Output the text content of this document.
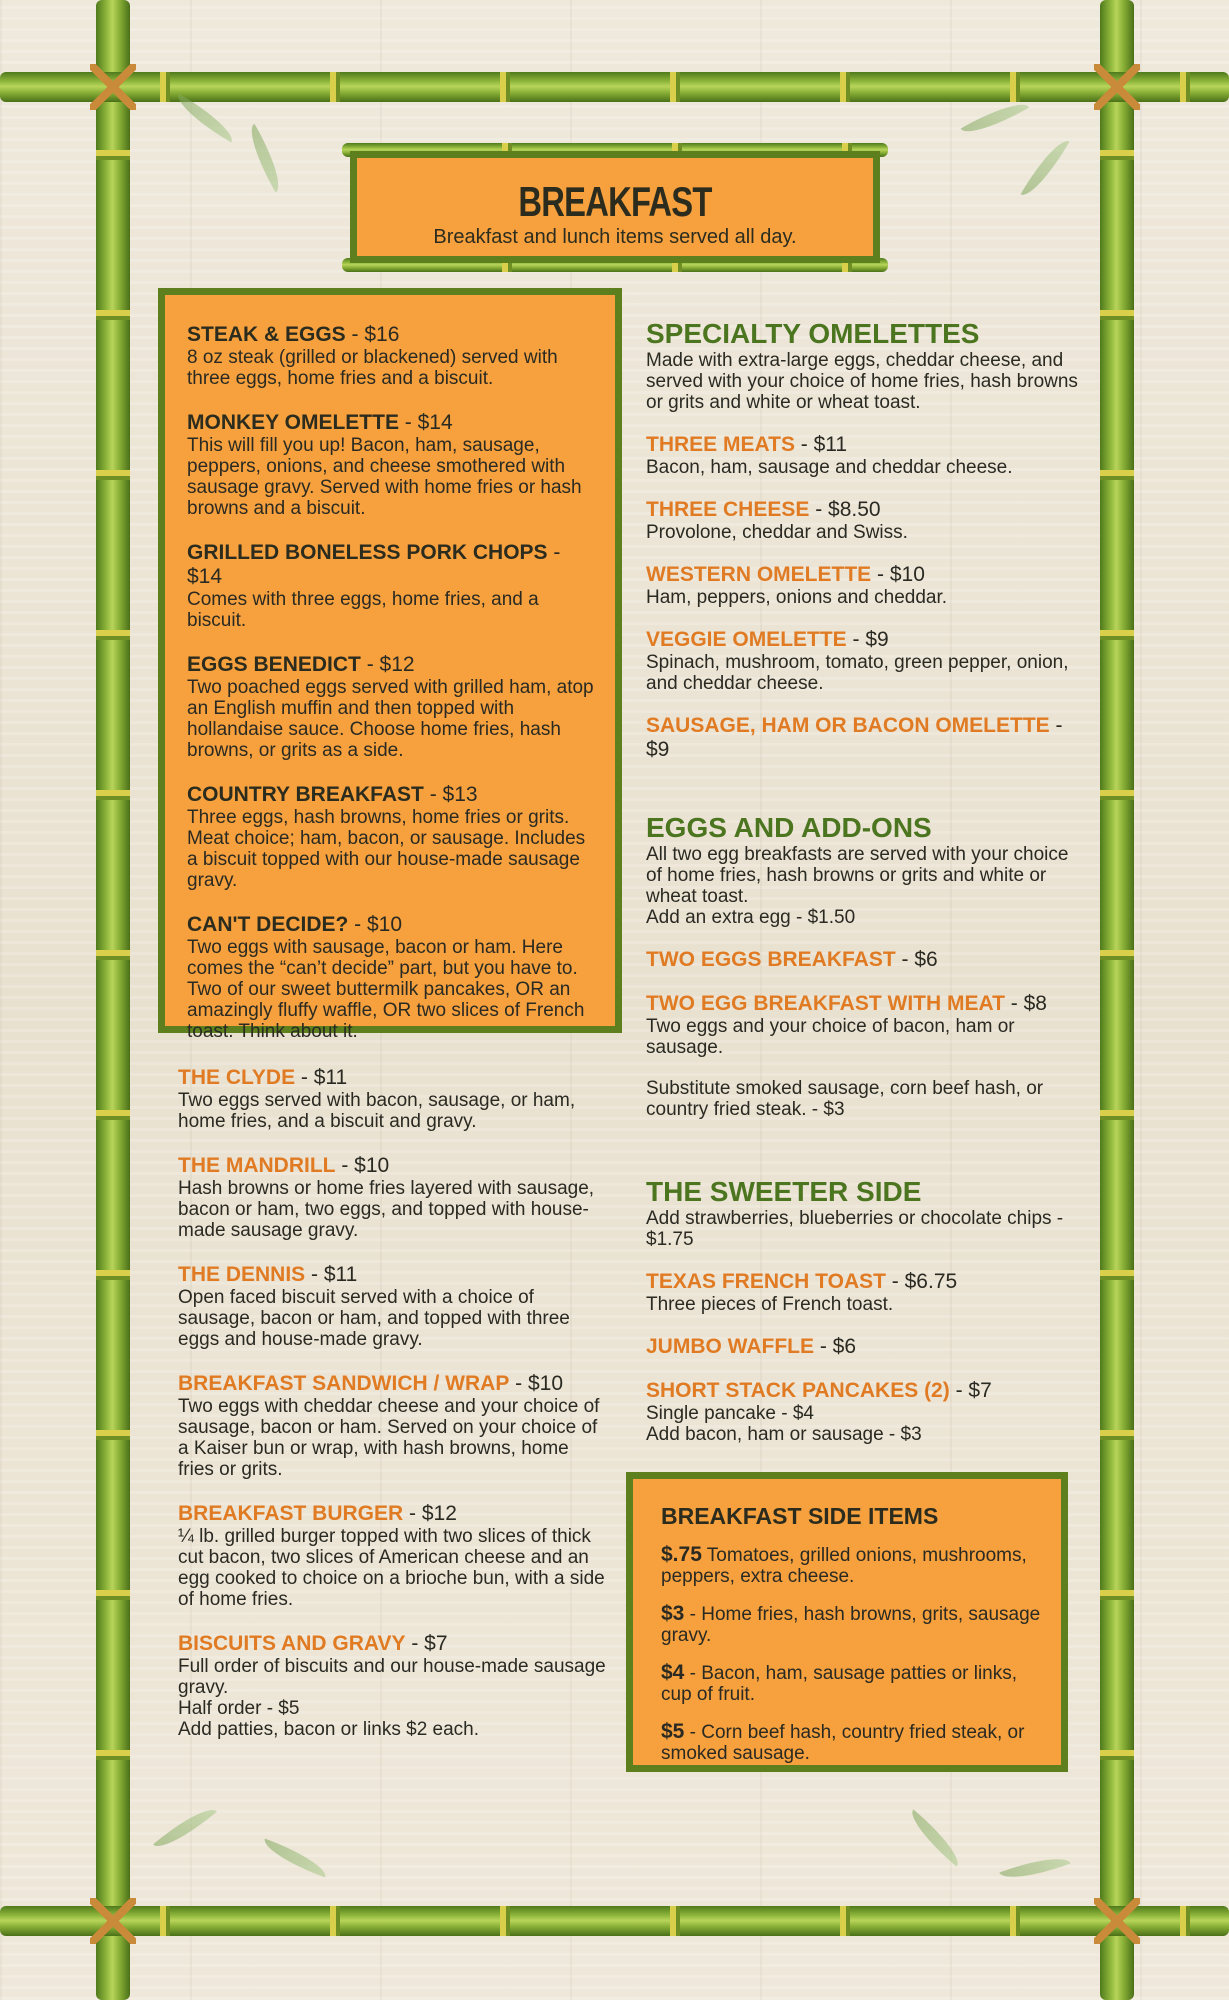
BREAKFAST
Breakfast and lunch items served all day.
STEAK & EGGS - $16
8 oz steak (grilled or blackened) served with three eggs, home fries and a biscuit.
MONKEY OMELETTE - $14
This will fill you up! Bacon, ham, sausage, peppers, onions, and cheese smothered with sausage gravy. Served with home fries or hash browns and a biscuit.
GRILLED BONELESS PORK CHOPS - $14
Comes with three eggs, home fries, and a biscuit.
EGGS BENEDICT - $12
Two poached eggs served with grilled ham, atop an English muffin and then topped with hollandaise sauce. Choose home fries, hash browns, or grits as a side.
COUNTRY BREAKFAST - $13
Three eggs, hash browns, home fries or grits. Meat choice; ham, bacon, or sausage. Includes a biscuit topped with our house-made sausage gravy.
CAN'T DECIDE? - $10
Two eggs with sausage, bacon or ham. Here comes the “can’t decide” part, but you have to. Two of our sweet buttermilk pancakes, OR an amazingly fluffy waffle, OR two slices of French toast. Think about it.
THE CLYDE - $11
Two eggs served with bacon, sausage, or ham, home fries, and a biscuit and gravy.
THE MANDRILL - $10
Hash browns or home fries layered with sausage, bacon or ham, two eggs, and topped with house-made sausage gravy.
THE DENNIS - $11
Open faced biscuit served with a choice of sausage, bacon or ham, and topped with three eggs and house-made gravy.
BREAKFAST SANDWICH / WRAP - $10
Two eggs with cheddar cheese and your choice of sausage, bacon or ham. Served on your choice of a Kaiser bun or wrap, with hash browns, home fries or grits.
BREAKFAST BURGER - $12
¼ lb. grilled burger topped with two slices of thick cut bacon, two slices of American cheese and an egg cooked to choice on a brioche bun, with a side of home fries.
BISCUITS AND GRAVY - $7
Full order of biscuits and our house-made sausage gravy.
Half order - $5
Add patties, bacon or links $2 each.
SPECIALTY OMELETTES
Made with extra-large eggs, cheddar cheese, and served with your choice of home fries, hash browns or grits and white or wheat toast.
THREE MEATS - $11
Bacon, ham, sausage and cheddar cheese.
THREE CHEESE - $8.50
Provolone, cheddar and Swiss.
WESTERN OMELETTE - $10
Ham, peppers, onions and cheddar.
VEGGIE OMELETTE - $9
Spinach, mushroom, tomato, green pepper, onion, and cheddar cheese.
SAUSAGE, HAM OR BACON OMELETTE - $9
EGGS AND ADD-ONS
All two egg breakfasts are served with your choice of home fries, hash browns or grits and white or wheat toast.
Add an extra egg - $1.50
TWO EGGS BREAKFAST - $6
TWO EGG BREAKFAST WITH MEAT - $8
Two eggs and your choice of bacon, ham or sausage.
Substitute smoked sausage, corn beef hash, or country fried steak. - $3
THE SWEETER SIDE
Add strawberries, blueberries or chocolate chips - $1.75
TEXAS FRENCH TOAST - $6.75
Three pieces of French toast.
JUMBO WAFFLE - $6
SHORT STACK PANCAKES (2) - $7
Single pancake - $4
Add bacon, ham or sausage - $3
BREAKFAST SIDE ITEMS
$.75 Tomatoes, grilled onions, mushrooms, peppers, extra cheese.
$3 - Home fries, hash browns, grits, sausage gravy.
$4 - Bacon, ham, sausage patties or links, cup of fruit.
$5 - Corn beef hash, country fried steak, or smoked sausage.
